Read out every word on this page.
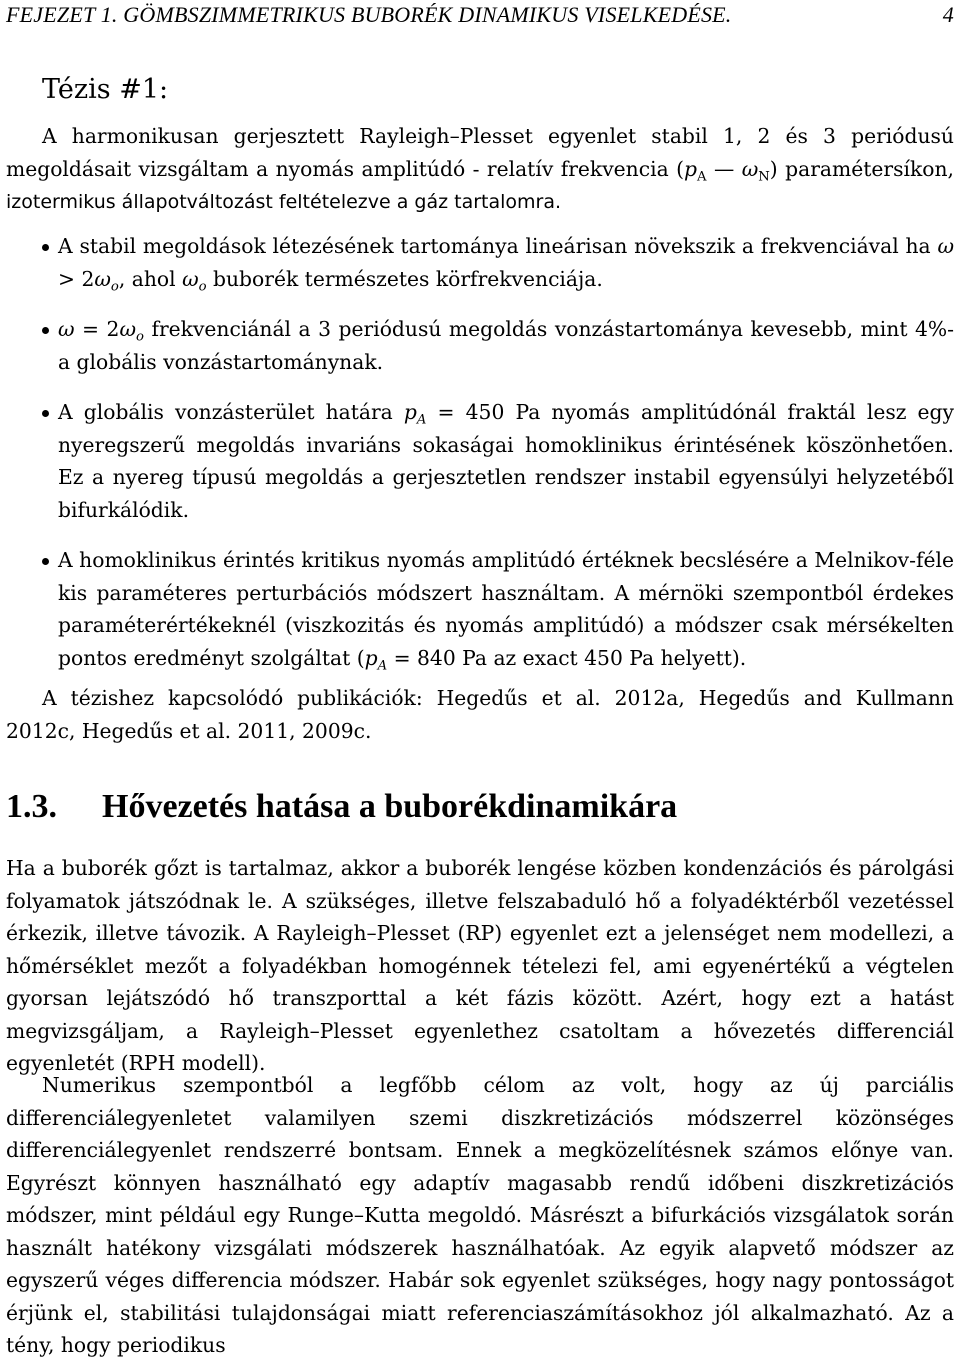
FEJEZET 1. GÖMBSZIMMETRIKUS BUBORÉK DINAMIKUS VISELKEDÉSE.	4
Tézis #1:

A harmonikusan gerjesztett Rayleigh–Plesset egyenlet stabil 1, 2 és 3 periódusú megoldásait vizsgáltam a nyomás amplitúdó - relatív frekvencia ($p_A$ — $\omega_N$) paramétersíkon, izotermikus állapotváltozást feltételezve a gáz tartalomra.

A stabil megoldások létezésének tartománya lineárisan növekszik a frekvenciával ha $\omega > 2\omega_o$, ahol $\omega_o$ buborék természetes körfrekvenciája.
$\omega = 2\omega_o$ frekvenciánál a 3 periódusú megoldás vonzástartománya kevesebb, mint 4%-a globális vonzástartománynak.
A globális vonzásterület határa $p_A = 450$ Pa nyomás amplitúdónál fraktál lesz egy nyeregszerű megoldás invariáns sokaságai homoklinikus érintésének köszönhetően. Ez a nyereg típusú megoldás a gerjesztetlen rendszer instabil egyensúlyi helyzetéből bifurkálódik.
A homoklinikus érintés kritikus nyomás amplitúdó értéknek becslésére a Melnikov-féle kis paraméteres perturbációs módszert használtam. A mérnöki szempontból érdekes paraméterértékeknél (viszkozitás és nyomás amplitúdó) a módszer csak mérsékelten pontos eredményt szolgáltat ($p_A = 840$ Pa az exact 450 Pa helyett).

A tézishez kapcsolódó publikációk: Hegedűs et al. 2012a, Hegedűs and Kullmann 2012c, Hegedűs et al. 2011, 2009c.

1.3. Hővezetés hatása a buborékdinamikára

Ha a buborék gőzt is tartalmaz, akkor a buborék lengése közben kondenzációs és párolgási folyamatok játszódnak le. A szükséges, illetve felszabaduló hő a folyadéktérből vezetéssel érkezik, illetve távozik. A Rayleigh–Plesset (RP) egyenlet ezt a jelenséget nem modellezi, a hőmérséklet mezőt a folyadékban homogénnek tételezi fel, ami egyenértékű a végtelen gyorsan lejátszódó hő transzporttal a két fázis között. Azért, hogy ezt a hatást megvizsgáljam, a Rayleigh–Plesset egyenlethez csatoltam a hővezetés differenciál egyenletét (RPH modell).

Numerikus szempontból a legfőbb célom az volt, hogy az új parciális differenciálegyenletet valamilyen szemi diszkretizációs módszerrel közönséges differenciálegyenlet rendszerré bontsam. Ennek a megközelítésnek számos előnye van. Egyrészt könnyen használható egy adaptív magasabb rendű időbeni diszkretizációs módszer, mint például egy Runge–Kutta megoldó. Másrészt a bifurkációs vizsgálatok során használt hatékony vizsgálati módszerek használhatóak. Az egyik alapvető módszer az egyszerű véges differencia módszer. Habár sok egyenlet szükséges, hogy nagy pontosságot érjünk el, stabilitási tulajdonságai miatt referenciaszámításokhoz jól alkalmazható. Az a tény, hogy periodikus
